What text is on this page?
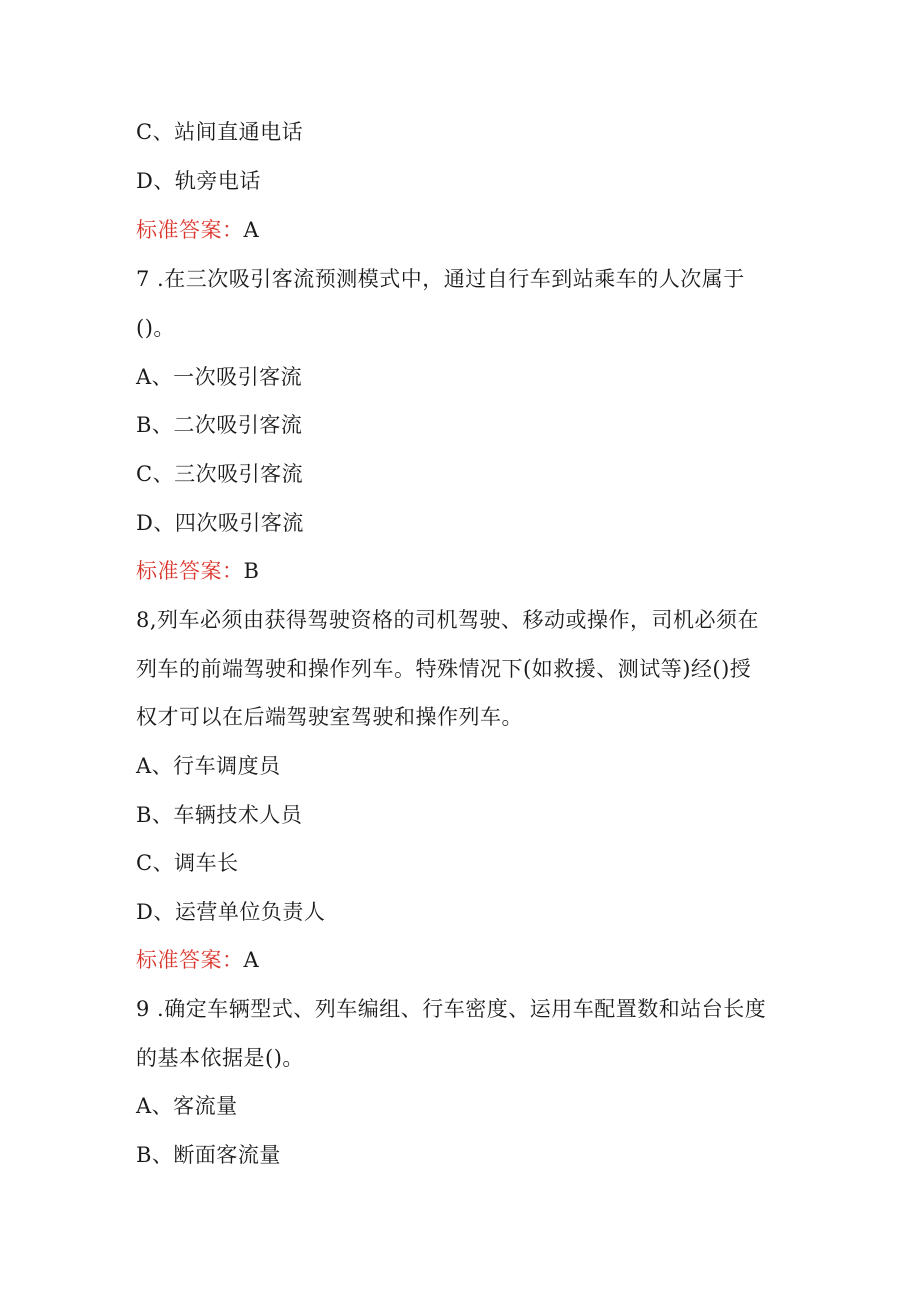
C、站间直通电话
D、轨旁电话
标准答案：A
7 .在三次吸引客流预测模式中，通过自行车到站乘车的人次属于
()。
A、一次吸引客流
B、二次吸引客流
C、三次吸引客流
D、四次吸引客流
标准答案：B
8,列车必须由获得驾驶资格的司机驾驶、移动或操作，司机必须在
列车的前端驾驶和操作列车。特殊情况下(如救援、测试等)经()授
权才可以在后端驾驶室驾驶和操作列车。
A、行车调度员
B、车辆技术人员
C、调车长
D、运营单位负责人
标准答案：A
9 .确定车辆型式、列车编组、行车密度、运用车配置数和站台长度
的基本依据是()。
A、客流量
B、断面客流量
